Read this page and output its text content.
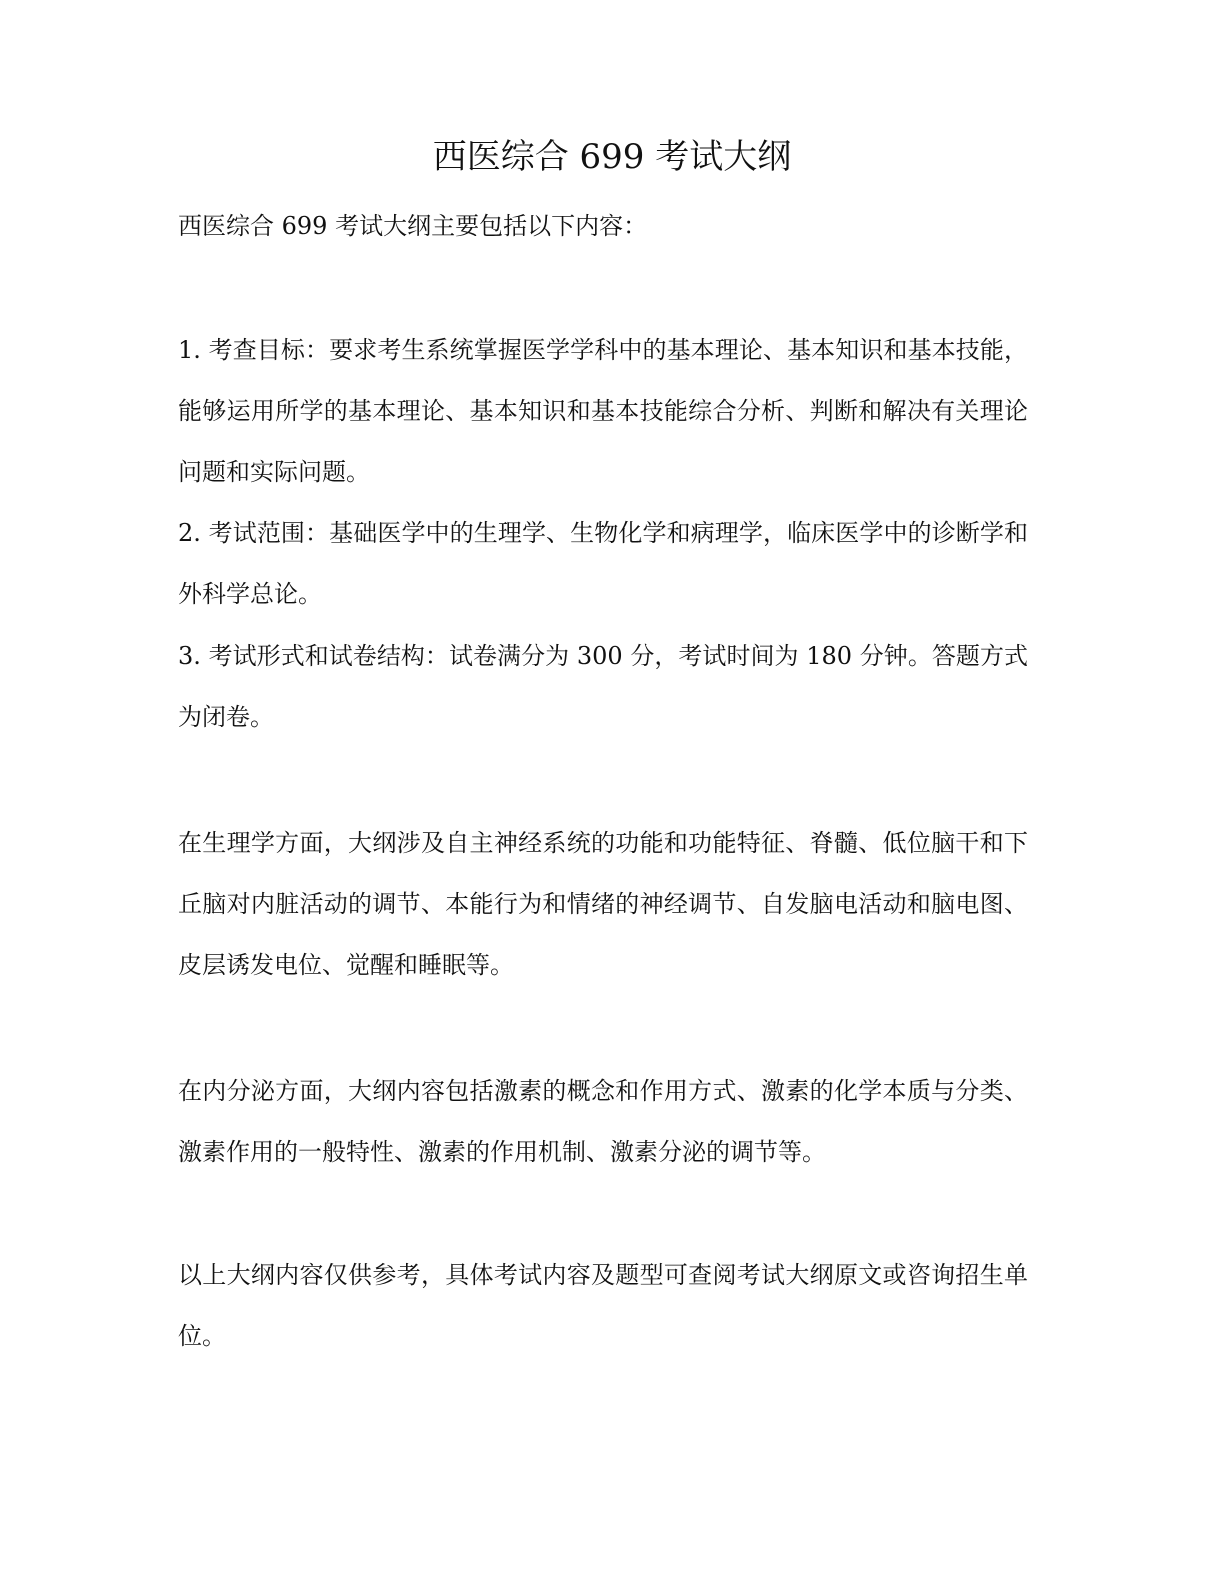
西医综合 699 考试大纲

西医综合 699 考试大纲主要包括以下内容：

1. 考查目标：要求考生系统掌握医学学科中的基本理论、基本知识和基本技能，能够运用所学的基本理论、基本知识和基本技能综合分析、判断和解决有关理论问题和实际问题。

2. 考试范围：基础医学中的生理学、生物化学和病理学，临床医学中的诊断学和外科学总论。

3. 考试形式和试卷结构：试卷满分为 300 分，考试时间为 180 分钟。答题方式为闭卷。

在生理学方面，大纲涉及自主神经系统的功能和功能特征、脊髓、低位脑干和下丘脑对内脏活动的调节、本能行为和情绪的神经调节、自发脑电活动和脑电图、皮层诱发电位、觉醒和睡眠等。

在内分泌方面，大纲内容包括激素的概念和作用方式、激素的化学本质与分类、激素作用的一般特性、激素的作用机制、激素分泌的调节等。

以上大纲内容仅供参考，具体考试内容及题型可查阅考试大纲原文或咨询招生单位。
